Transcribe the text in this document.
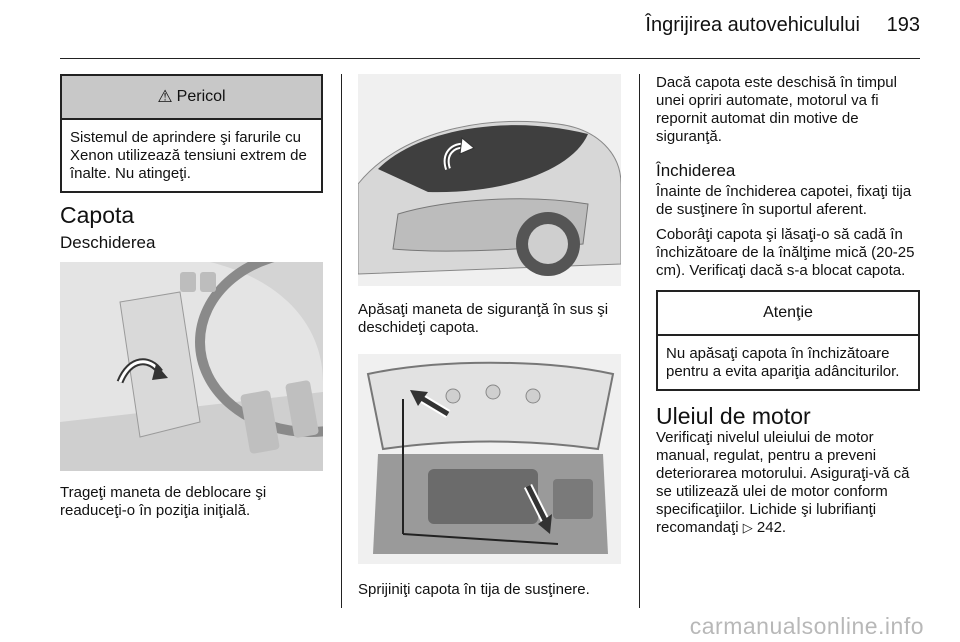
Îngrijirea autovehiculului 193
⚠ Pericol
Sistemul de aprindere şi farurile cu Xenon utilizează tensiuni extrem de înalte. Nu atingeţi.
Capota
Deschiderea
Trageţi maneta de deblocare şi readuceţi-o în poziţia iniţială.
Apăsaţi maneta de siguranţă în sus şi deschideţi capota.
Sprijiniţi capota în tija de susţinere.
Dacă capota este deschisă în timpul unei opriri automate, motorul va fi repornit automat din motive de siguranţă.
Închiderea
Înainte de închiderea capotei, fixaţi tija de susţinere în suportul aferent.
Coborâţi capota şi lăsaţi-o să cadă în închizătoare de la înălţime mică (20-25 cm). Verificaţi dacă s-a blocat capota.
Atenţie
Nu apăsaţi capota în închizătoare pentru a evita apariţia adânciturilor.
Uleiul de motor
Verificaţi nivelul uleiului de motor manual, regulat, pentru a preveni deteriorarea motorului. Asiguraţi-vă că se utilizează ulei de motor conform specificaţiilor. Lichide şi lubrifianţi recomandaţi ▷ 242.
carmanualsonline.info
